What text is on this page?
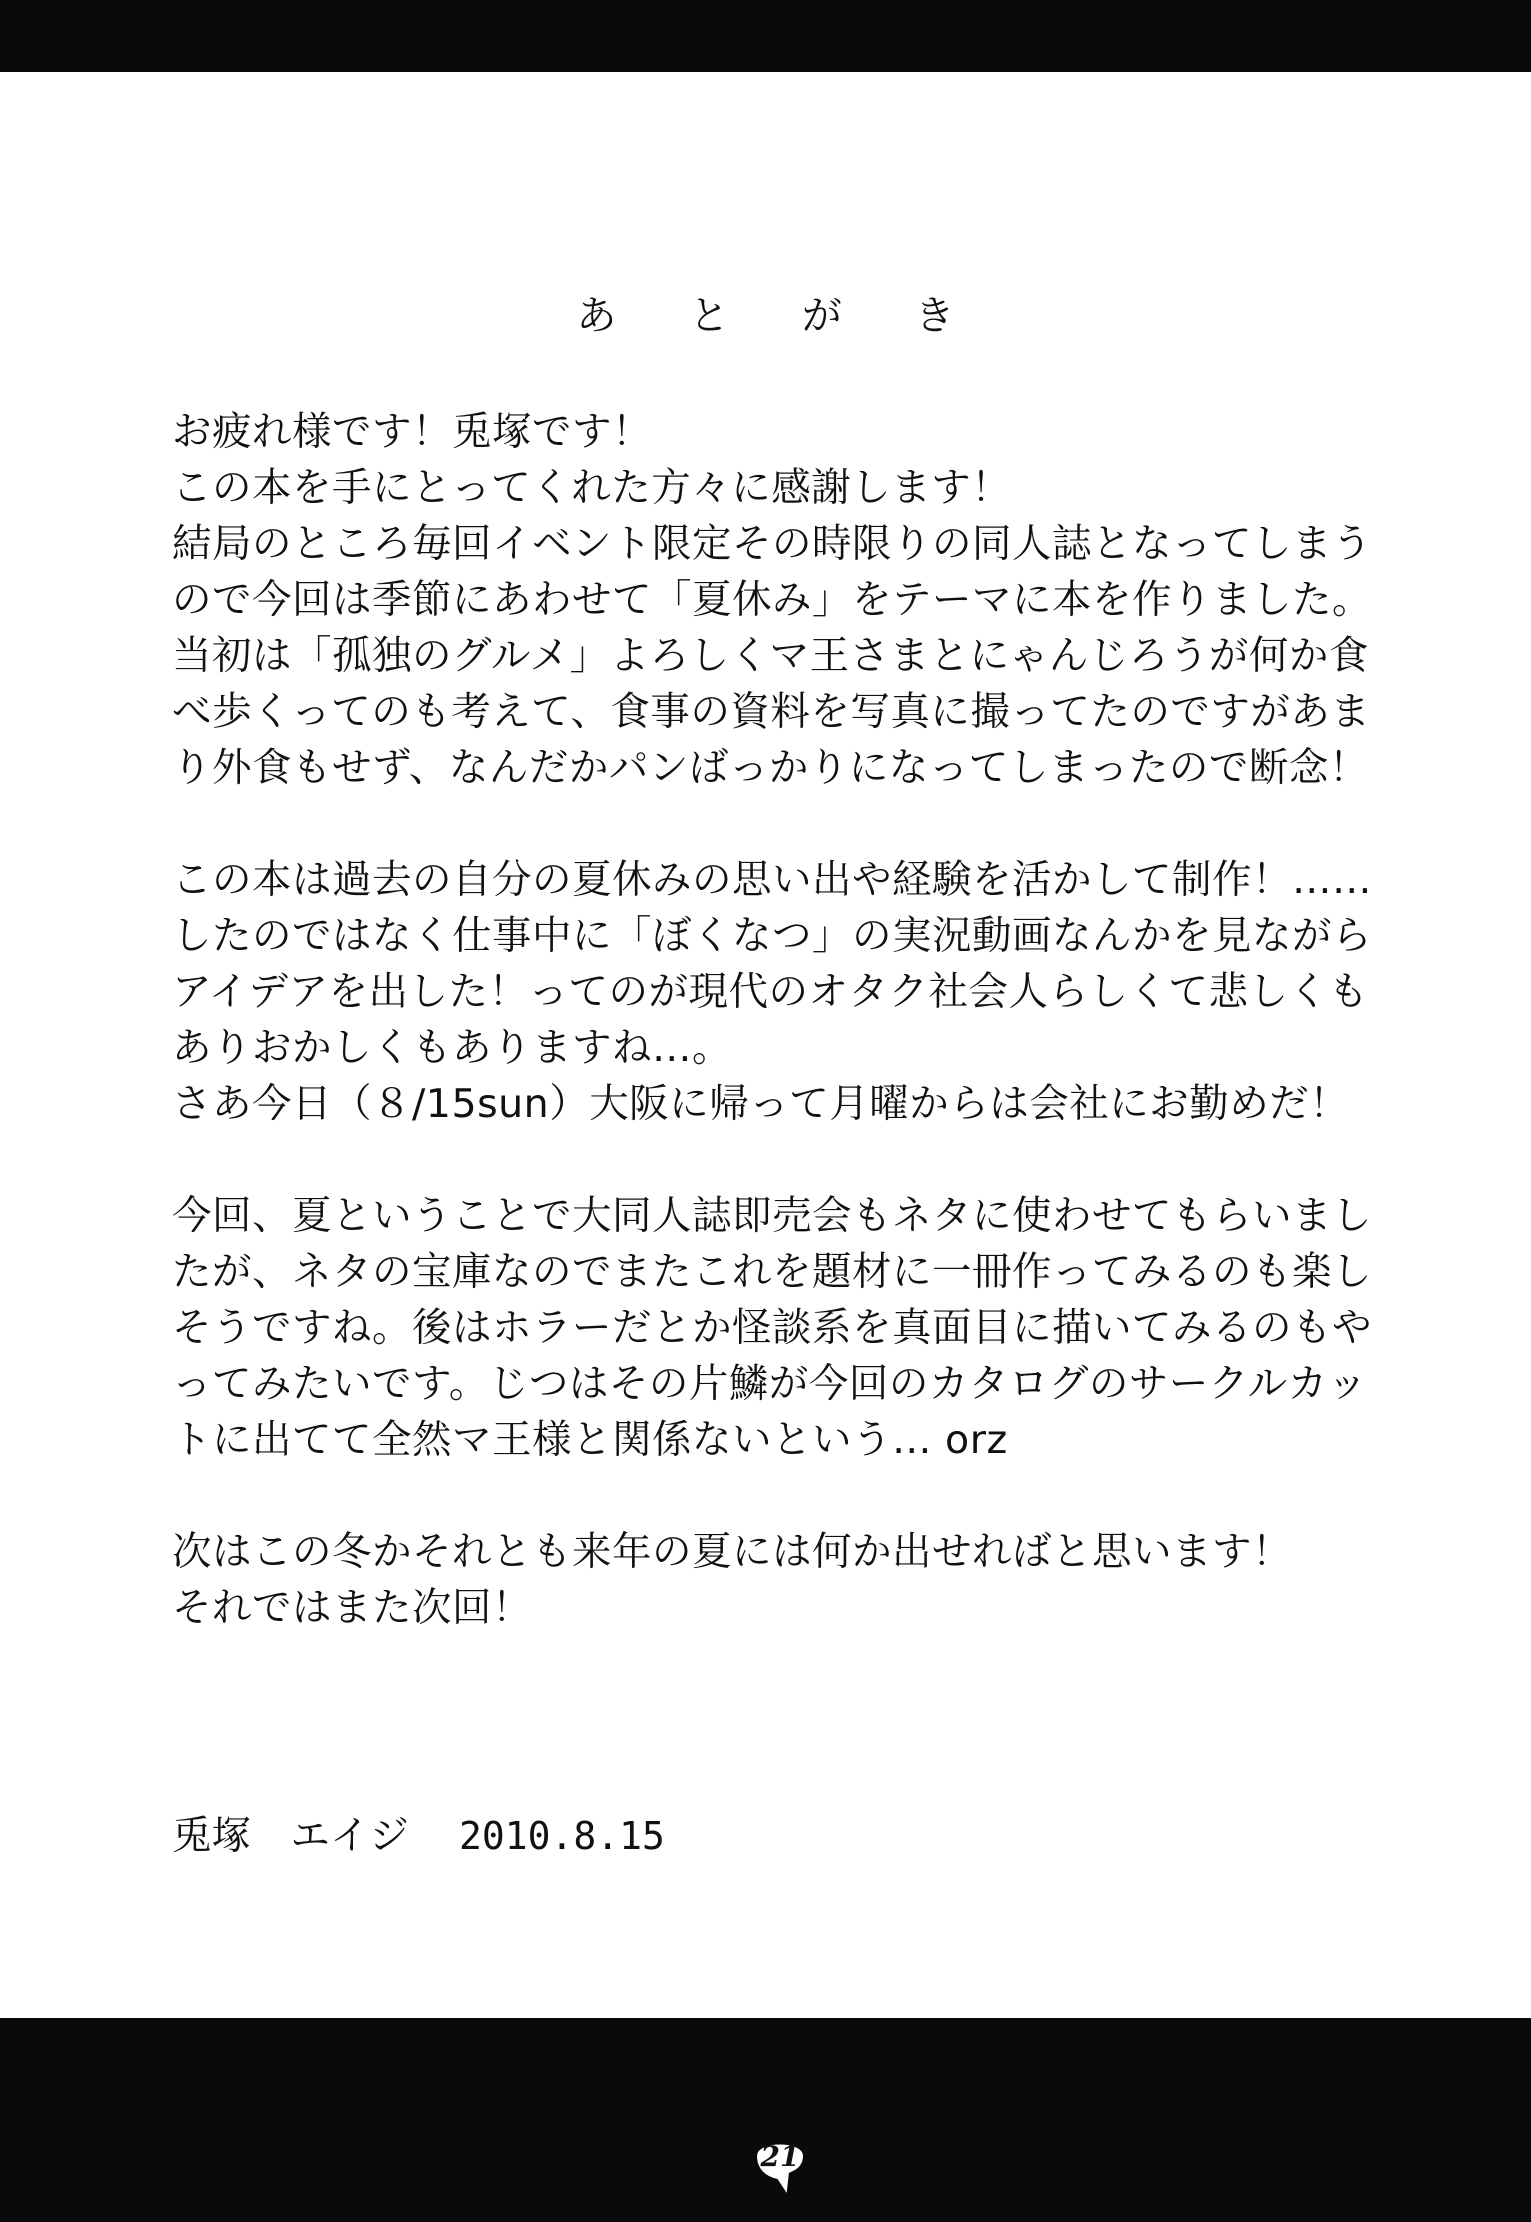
あ と が き
お疲れ様です！兎塚です！
この本を手にとってくれた方々に感謝します！
結局のところ毎回イベント限定その時限りの同人誌となってしまう
ので今回は季節にあわせて「夏休み」をテーマに本を作りました。
当初は「孤独のグルメ」よろしくマ王さまとにゃんじろうが何か食
べ歩くってのも考えて、食事の資料を写真に撮ってたのですがあま
り外食もせず、なんだかパンばっかりになってしまったので断念！
この本は過去の自分の夏休みの思い出や経験を活かして制作！……
したのではなく仕事中に「ぼくなつ」の実況動画なんかを見ながら
アイデアを出した！ってのが現代のオタク社会人らしくて悲しくも
ありおかしくもありますね…。
さあ今日（８/15sun）大阪に帰って月曜からは会社にお勤めだ！
今回、夏ということで大同人誌即売会もネタに使わせてもらいまし
たが、ネタの宝庫なのでまたこれを題材に一冊作ってみるのも楽し
そうですね。後はホラーだとか怪談系を真面目に描いてみるのもや
ってみたいです。じつはその片鱗が今回のカタログのサークルカッ
トに出てて全然マ王様と関係ないという… orz
次はこの冬かそれとも来年の夏には何か出せればと思います！
それではまた次回！
兎塚　エイジ 2010.8.15
21
